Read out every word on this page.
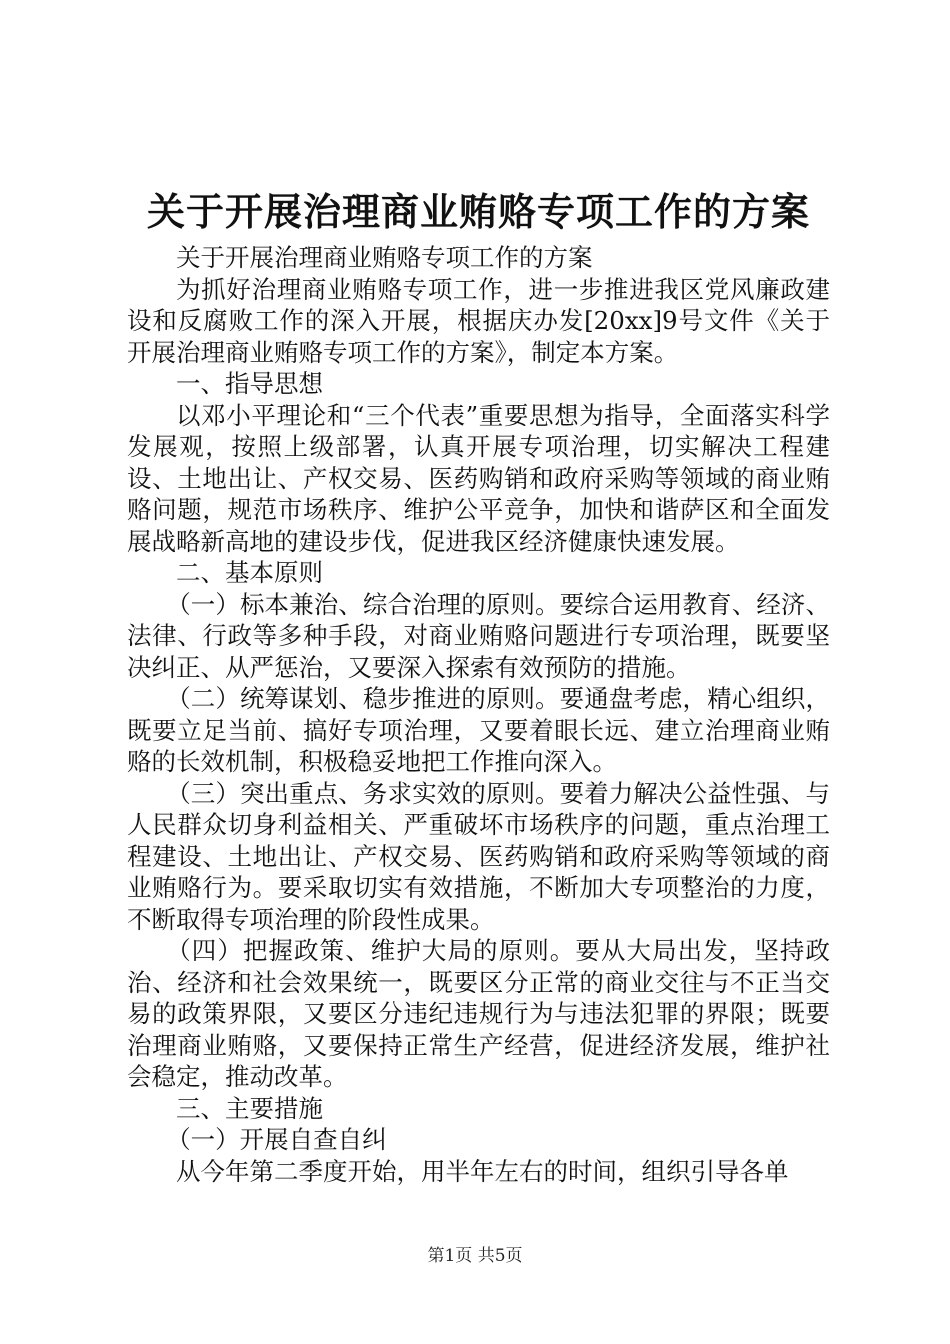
关于开展治理商业贿赂专项工作的方案

关于开展治理商业贿赂专项工作的方案

为抓好治理商业贿赂专项工作，进一步推进我区党风廉政建设和反腐败工作的深入开展，根据庆办发[20xx]9号文件《关于开展治理商业贿赂专项工作的方案》，制定本方案。

一、指导思想

以邓小平理论和“三个代表”重要思想为指导，全面落实科学发展观，按照上级部署，认真开展专项治理，切实解决工程建设、土地出让、产权交易、医药购销和政府采购等领域的商业贿赂问题，规范市场秩序、维护公平竞争，加快和谐萨区和全面发展战略新高地的建设步伐，促进我区经济健康快速发展。

二、基本原则

（一）标本兼治、综合治理的原则。要综合运用教育、经济、法律、行政等多种手段，对商业贿赂问题进行专项治理，既要坚决纠正、从严惩治，又要深入探索有效预防的措施。

（二）统筹谋划、稳步推进的原则。要通盘考虑，精心组织，既要立足当前、搞好专项治理，又要着眼长远、建立治理商业贿赂的长效机制，积极稳妥地把工作推向深入。

（三）突出重点、务求实效的原则。要着力解决公益性强、与人民群众切身利益相关、严重破坏市场秩序的问题，重点治理工程建设、土地出让、产权交易、医药购销和政府采购等领域的商业贿赂行为。要采取切实有效措施，不断加大专项整治的力度，不断取得专项治理的阶段性成果。

（四）把握政策、维护大局的原则。要从大局出发，坚持政治、经济和社会效果统一，既要区分正常的商业交往与不正当交易的政策界限，又要区分违纪违规行为与违法犯罪的界限；既要治理商业贿赂，又要保持正常生产经营，促进经济发展，维护社会稳定，推动改革。

三、主要措施

（一）开展自查自纠

从今年第二季度开始，用半年左右的时间，组织引导各单

第1页 共5页
